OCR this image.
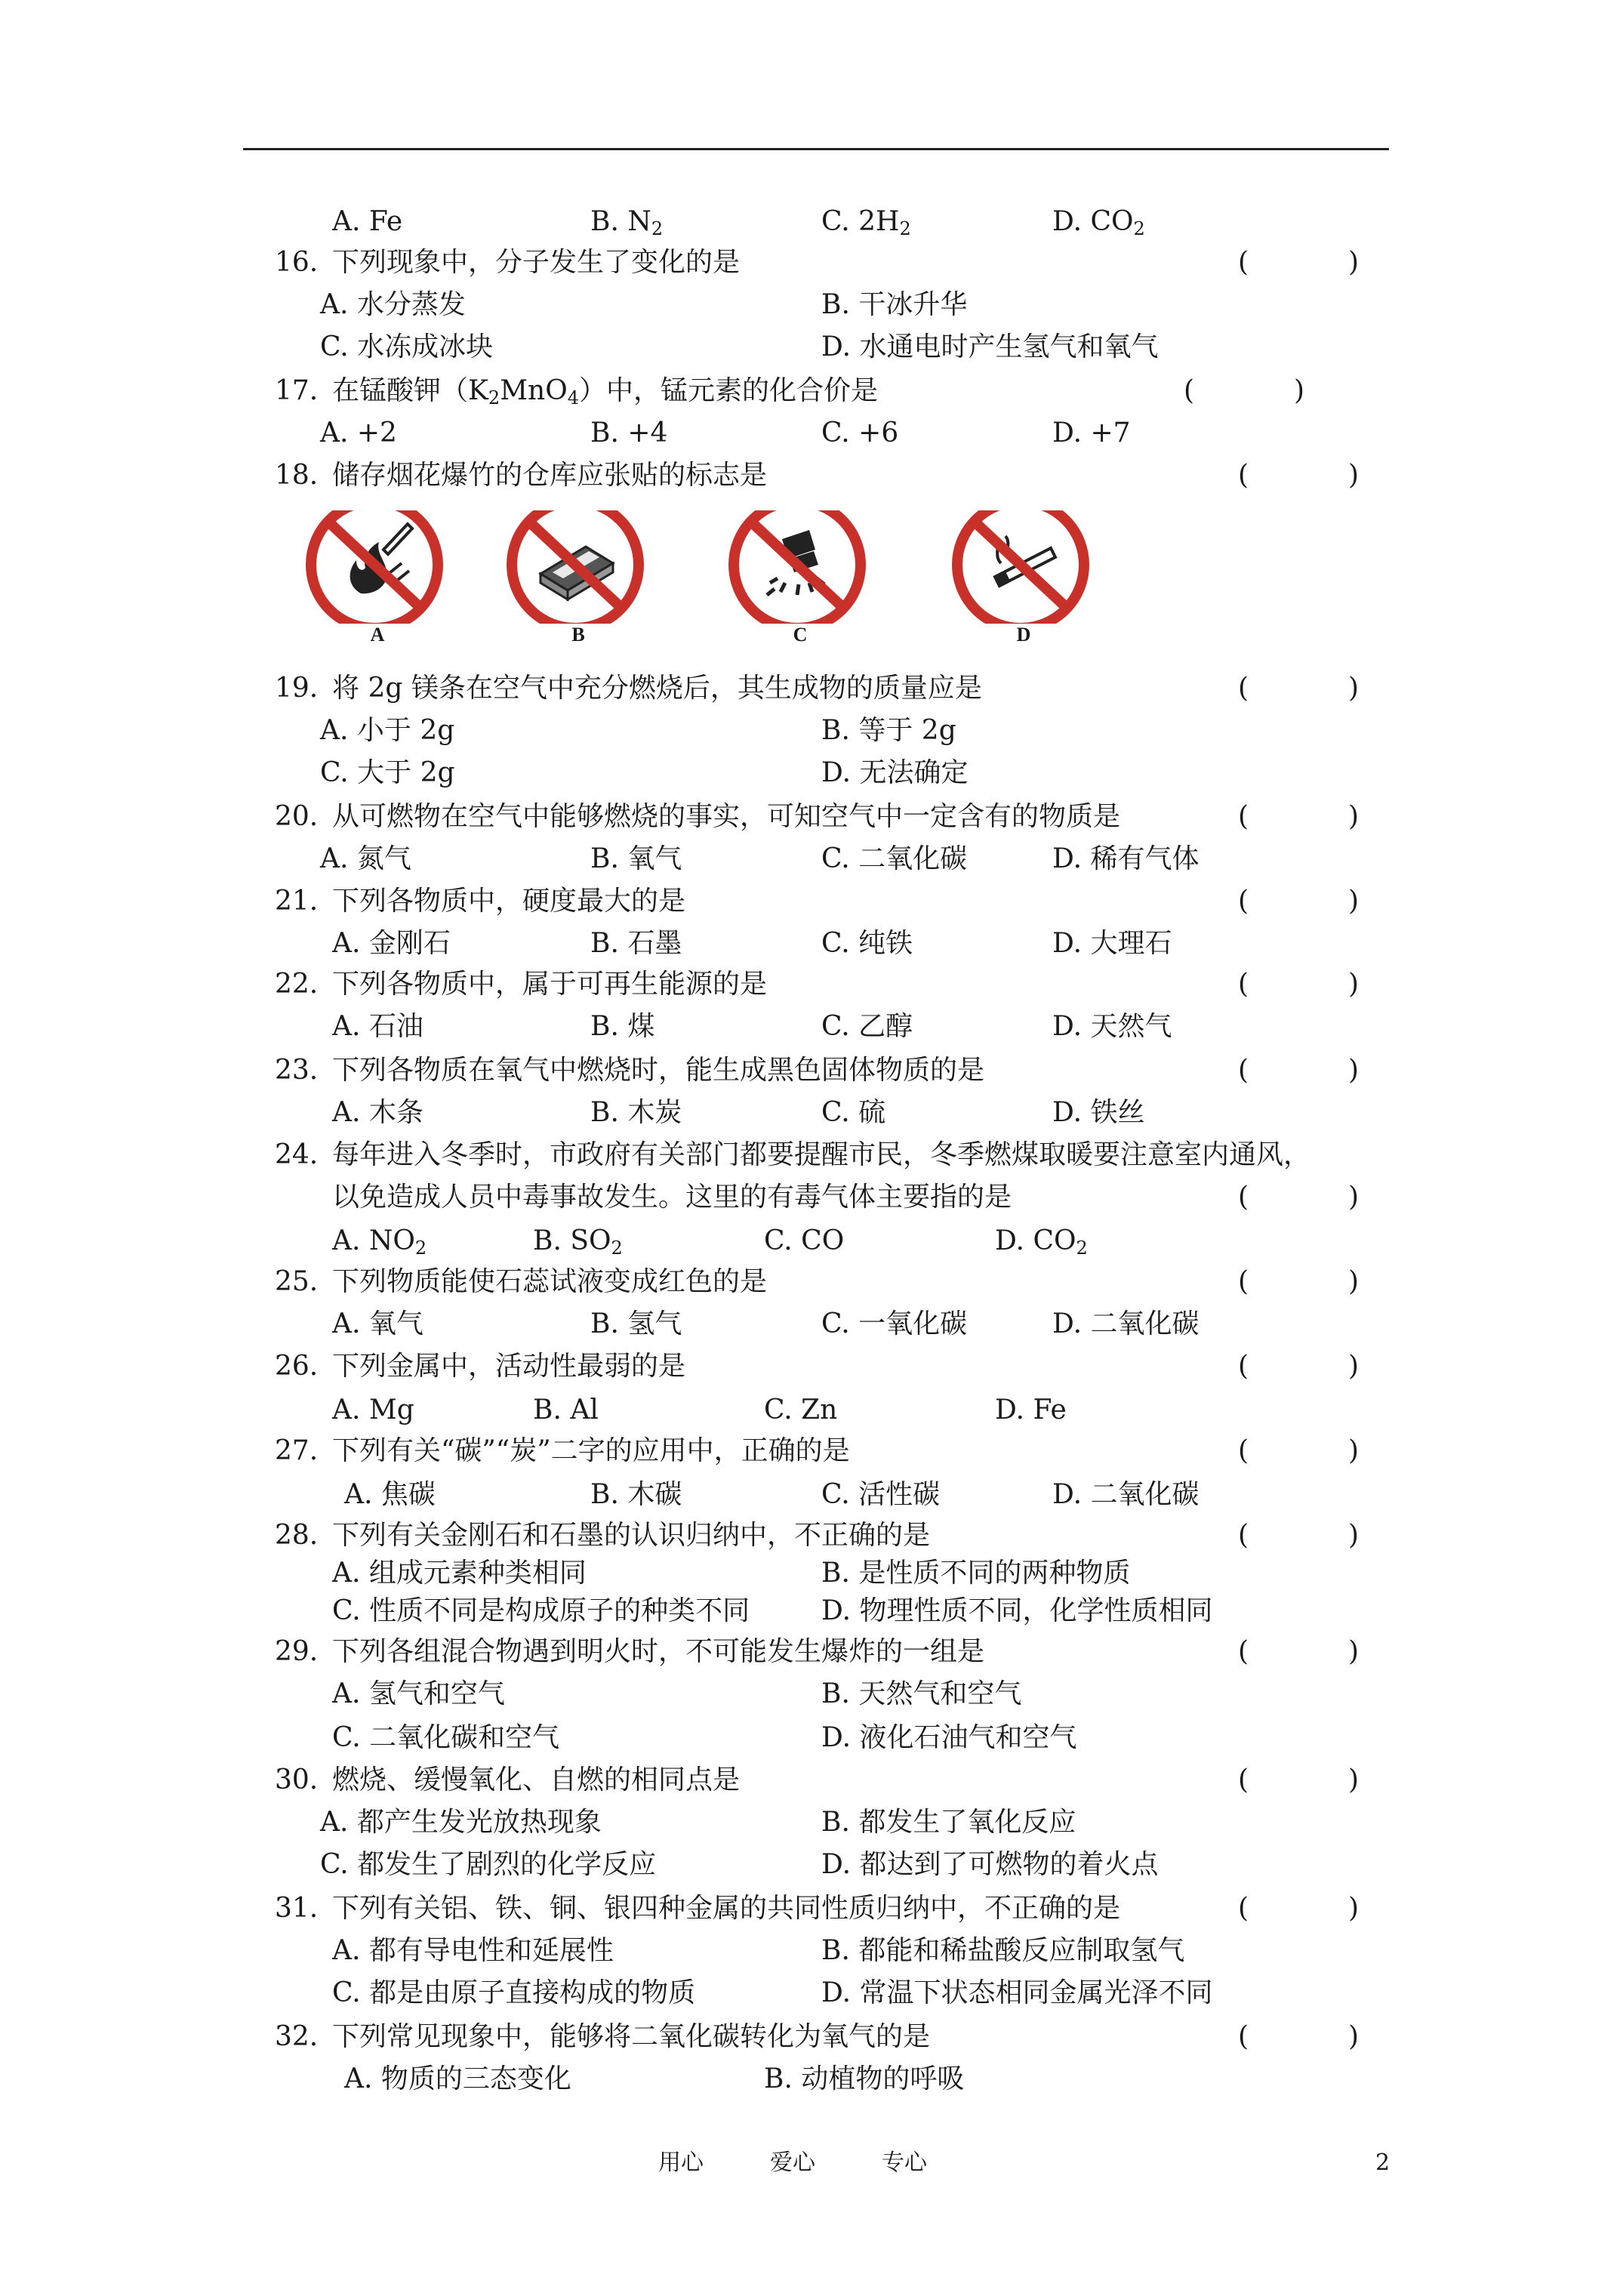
A. Fe	B. $N_2$	C. $2H_2$	D. $CO_2$
16. 下列现象中，分子发生了变化的是	(	)
A. 水分蒸发	B. 干冰升华
C. 水冻成冰块	D. 水通电时产生氢气和氧气
17. 在锰酸钾$(K_2MnO_4)$中，锰元素的化合价是	(	)
A. +2	B. +4	C. +6	D. +7
18. 储存烟花爆竹的仓库应张贴的标志是	(	)
A	B	C	D
19. 将 2g 镁条在空气中充分燃烧后，其生成物的质量应是	(	)
A. 小于 2g	B. 等于 2g
C. 大于 2g	D. 无法确定
20. 从可燃物在空气中能够燃烧的事实，可知空气中一定含有的物质是	(	)
A. 氮气	B. 氧气	C. 二氧化碳	D. 稀有气体
21. 下列各物质中，硬度最大的是	(	)
A. 金刚石	B. 石墨	C. 纯铁	D. 大理石
22. 下列各物质中，属于可再生能源的是	(	)
A. 石油	B. 煤	C. 乙醇	D. 天然气
23. 下列各物质在氧气中燃烧时，能生成黑色固体物质的是	(	)
A. 木条	B. 木炭	C. 硫	D. 铁丝
24. 每年进入冬季时，市政府有关部门都要提醒市民，冬季燃煤取暖要注意室内通风，
以免造成人员中毒事故发生。这里的有毒气体主要指的是	(	)
A. $NO_2$	B. $SO_2$	C. CO	D. $CO_2$
25. 下列物质能使石蕊试液变成红色的是	(	)
A. 氧气	B. 氢气	C. 一氧化碳	D. 二氧化碳
26. 下列金属中，活动性最弱的是	(	)
A. Mg	B. Al	C. Zn	D. Fe
27. 下列有关“碳”“炭”二字的应用中，正确的是	(	)
A. 焦碳	B. 木碳	C. 活性碳	D. 二氧化碳
28. 下列有关金刚石和石墨的认识归纳中，不正确的是	(	)
A. 组成元素种类相同	B. 是性质不同的两种物质
C. 性质不同是构成原子的种类不同	D. 物理性质不同，化学性质相同
29. 下列各组混合物遇到明火时，不可能发生爆炸的一组是	(	)
A. 氢气和空气	B. 天然气和空气
C. 二氧化碳和空气	D. 液化石油气和空气
30. 燃烧、缓慢氧化、自燃的相同点是	(	)
A. 都产生发光放热现象	B. 都发生了氧化反应
C. 都发生了剧烈的化学反应	D. 都达到了可燃物的着火点
31. 下列有关铝、铁、铜、银四种金属的共同性质归纳中，不正确的是	(	)
A. 都有导电性和延展性	B. 都能和稀盐酸反应制取氢气
C. 都是由原子直接构成的物质	D. 常温下状态相同金属光泽不同
32. 下列常见现象中，能够将二氧化碳转化为氧气的是	(	)
A. 物质的三态变化	B. 动植物的呼吸
用心	爱心	专心	2
